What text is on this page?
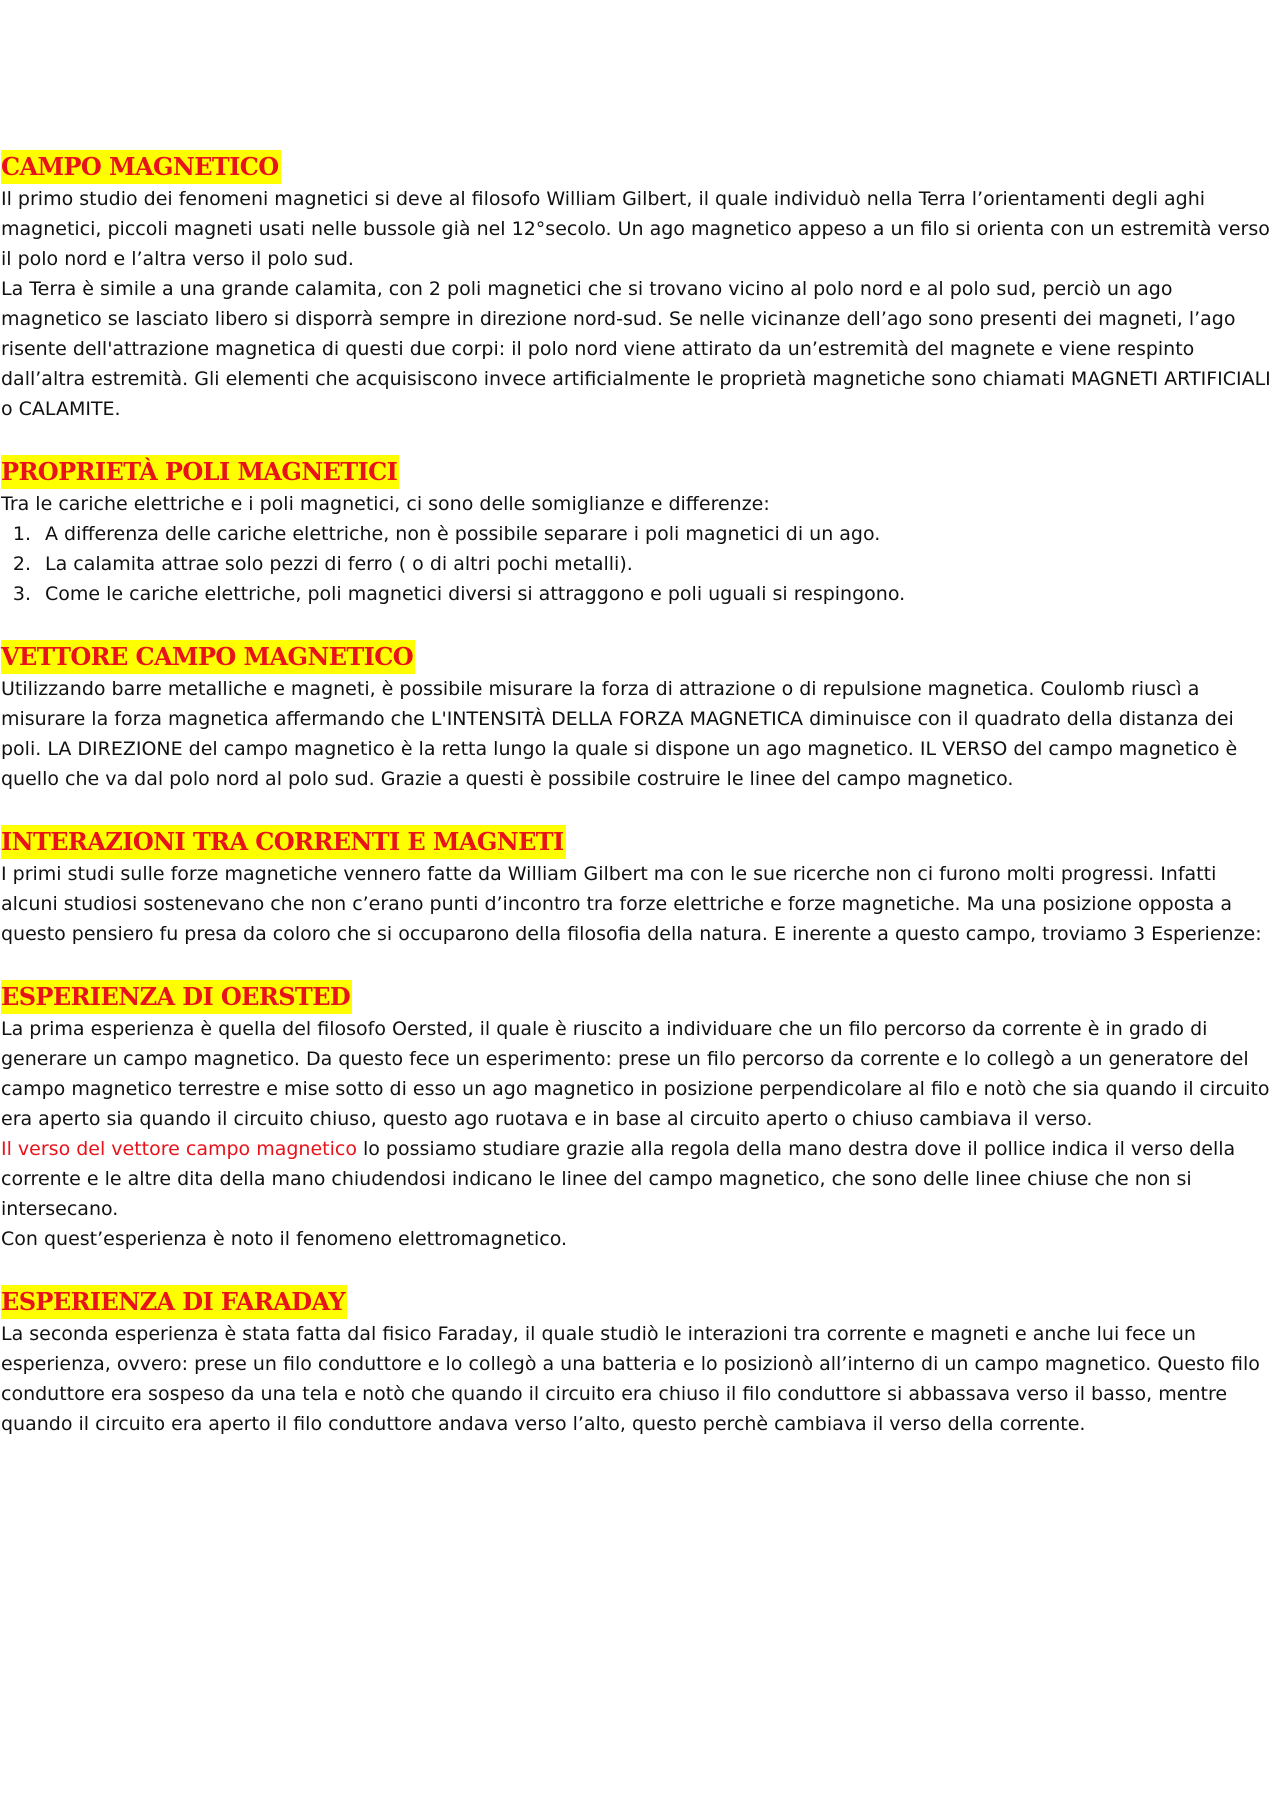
CAMPO MAGNETICO

Il primo studio dei fenomeni magnetici si deve al filosofo William Gilbert, il quale individuò nella Terra l’orientamenti degli aghi magnetici, piccoli magneti usati nelle bussole già nel 12°secolo. Un ago magnetico appeso a un filo si orienta con un estremità verso il polo nord e l’altra verso il polo sud.

La Terra è simile a una grande calamita, con 2 poli magnetici che si trovano vicino al polo nord e al polo sud, perciò un ago magnetico se lasciato libero si disporrà sempre in direzione nord-sud. Se nelle vicinanze dell’ago sono presenti dei magneti, l’ago risente dell'attrazione magnetica di questi due corpi: il polo nord viene attirato da un’estremità del magnete e viene respinto dall’altra estremità. Gli elementi che acquisiscono invece artificialmente le proprietà magnetiche sono chiamati MAGNETI ARTIFICIALI o CALAMITE.

PROPRIETÀ POLI MAGNETICI

Tra le cariche elettriche e i poli magnetici, ci sono delle somiglianze e differenze:

1. A differenza delle cariche elettriche, non è possibile separare i poli magnetici di un ago.
2. La calamita attrae solo pezzi di ferro ( o di altri pochi metalli).
3. Come le cariche elettriche, poli magnetici diversi si attraggono e poli uguali si respingono.
VETTORE CAMPO MAGNETICO

Utilizzando barre metalliche e magneti, è possibile misurare la forza di attrazione o di repulsione magnetica. Coulomb riuscì a misurare la forza magnetica affermando che L'INTENSITÀ DELLA FORZA MAGNETICA diminuisce con il quadrato della distanza dei poli. LA DIREZIONE del campo magnetico è la retta lungo la quale si dispone un ago magnetico. IL VERSO del campo magnetico è quello che va dal polo nord al polo sud. Grazie a questi è possibile costruire le linee del campo magnetico.

INTERAZIONI TRA CORRENTI E MAGNETI

I primi studi sulle forze magnetiche vennero fatte da William Gilbert ma con le sue ricerche non ci furono molti progressi. Infatti alcuni studiosi sostenevano che non c’erano punti d’incontro tra forze elettriche e forze magnetiche. Ma una posizione opposta a questo pensiero fu presa da coloro che si occuparono della filosofia della natura. E inerente a questo campo, troviamo 3 Esperienze:

ESPERIENZA DI OERSTED

La prima esperienza è quella del filosofo Oersted, il quale è riuscito a individuare che un filo percorso da corrente è in grado di generare un campo magnetico. Da questo fece un esperimento: prese un filo percorso da corrente e lo collegò a un generatore del campo magnetico terrestre e mise sotto di esso un ago magnetico in posizione perpendicolare al filo e notò che sia quando il circuito era aperto sia quando il circuito chiuso, questo ago ruotava e in base al circuito aperto o chiuso cambiava il verso.

Il verso del vettore campo magnetico lo possiamo studiare grazie alla regola della mano destra dove il pollice indica il verso della corrente e le altre dita della mano chiudendosi indicano le linee del campo magnetico, che sono delle linee chiuse che non si intersecano.

Con quest’esperienza è noto il fenomeno elettromagnetico.

ESPERIENZA DI FARADAY

La seconda esperienza è stata fatta dal fisico Faraday, il quale studiò le interazioni tra corrente e magneti e anche lui fece un esperienza, ovvero: prese un filo conduttore e lo collegò a una batteria e lo posizionò all’interno di un campo magnetico. Questo filo conduttore era sospeso da una tela e notò che quando il circuito era chiuso il filo conduttore si abbassava verso il basso, mentre quando il circuito era aperto il filo conduttore andava verso l’alto, questo perchè cambiava il verso della corrente.
